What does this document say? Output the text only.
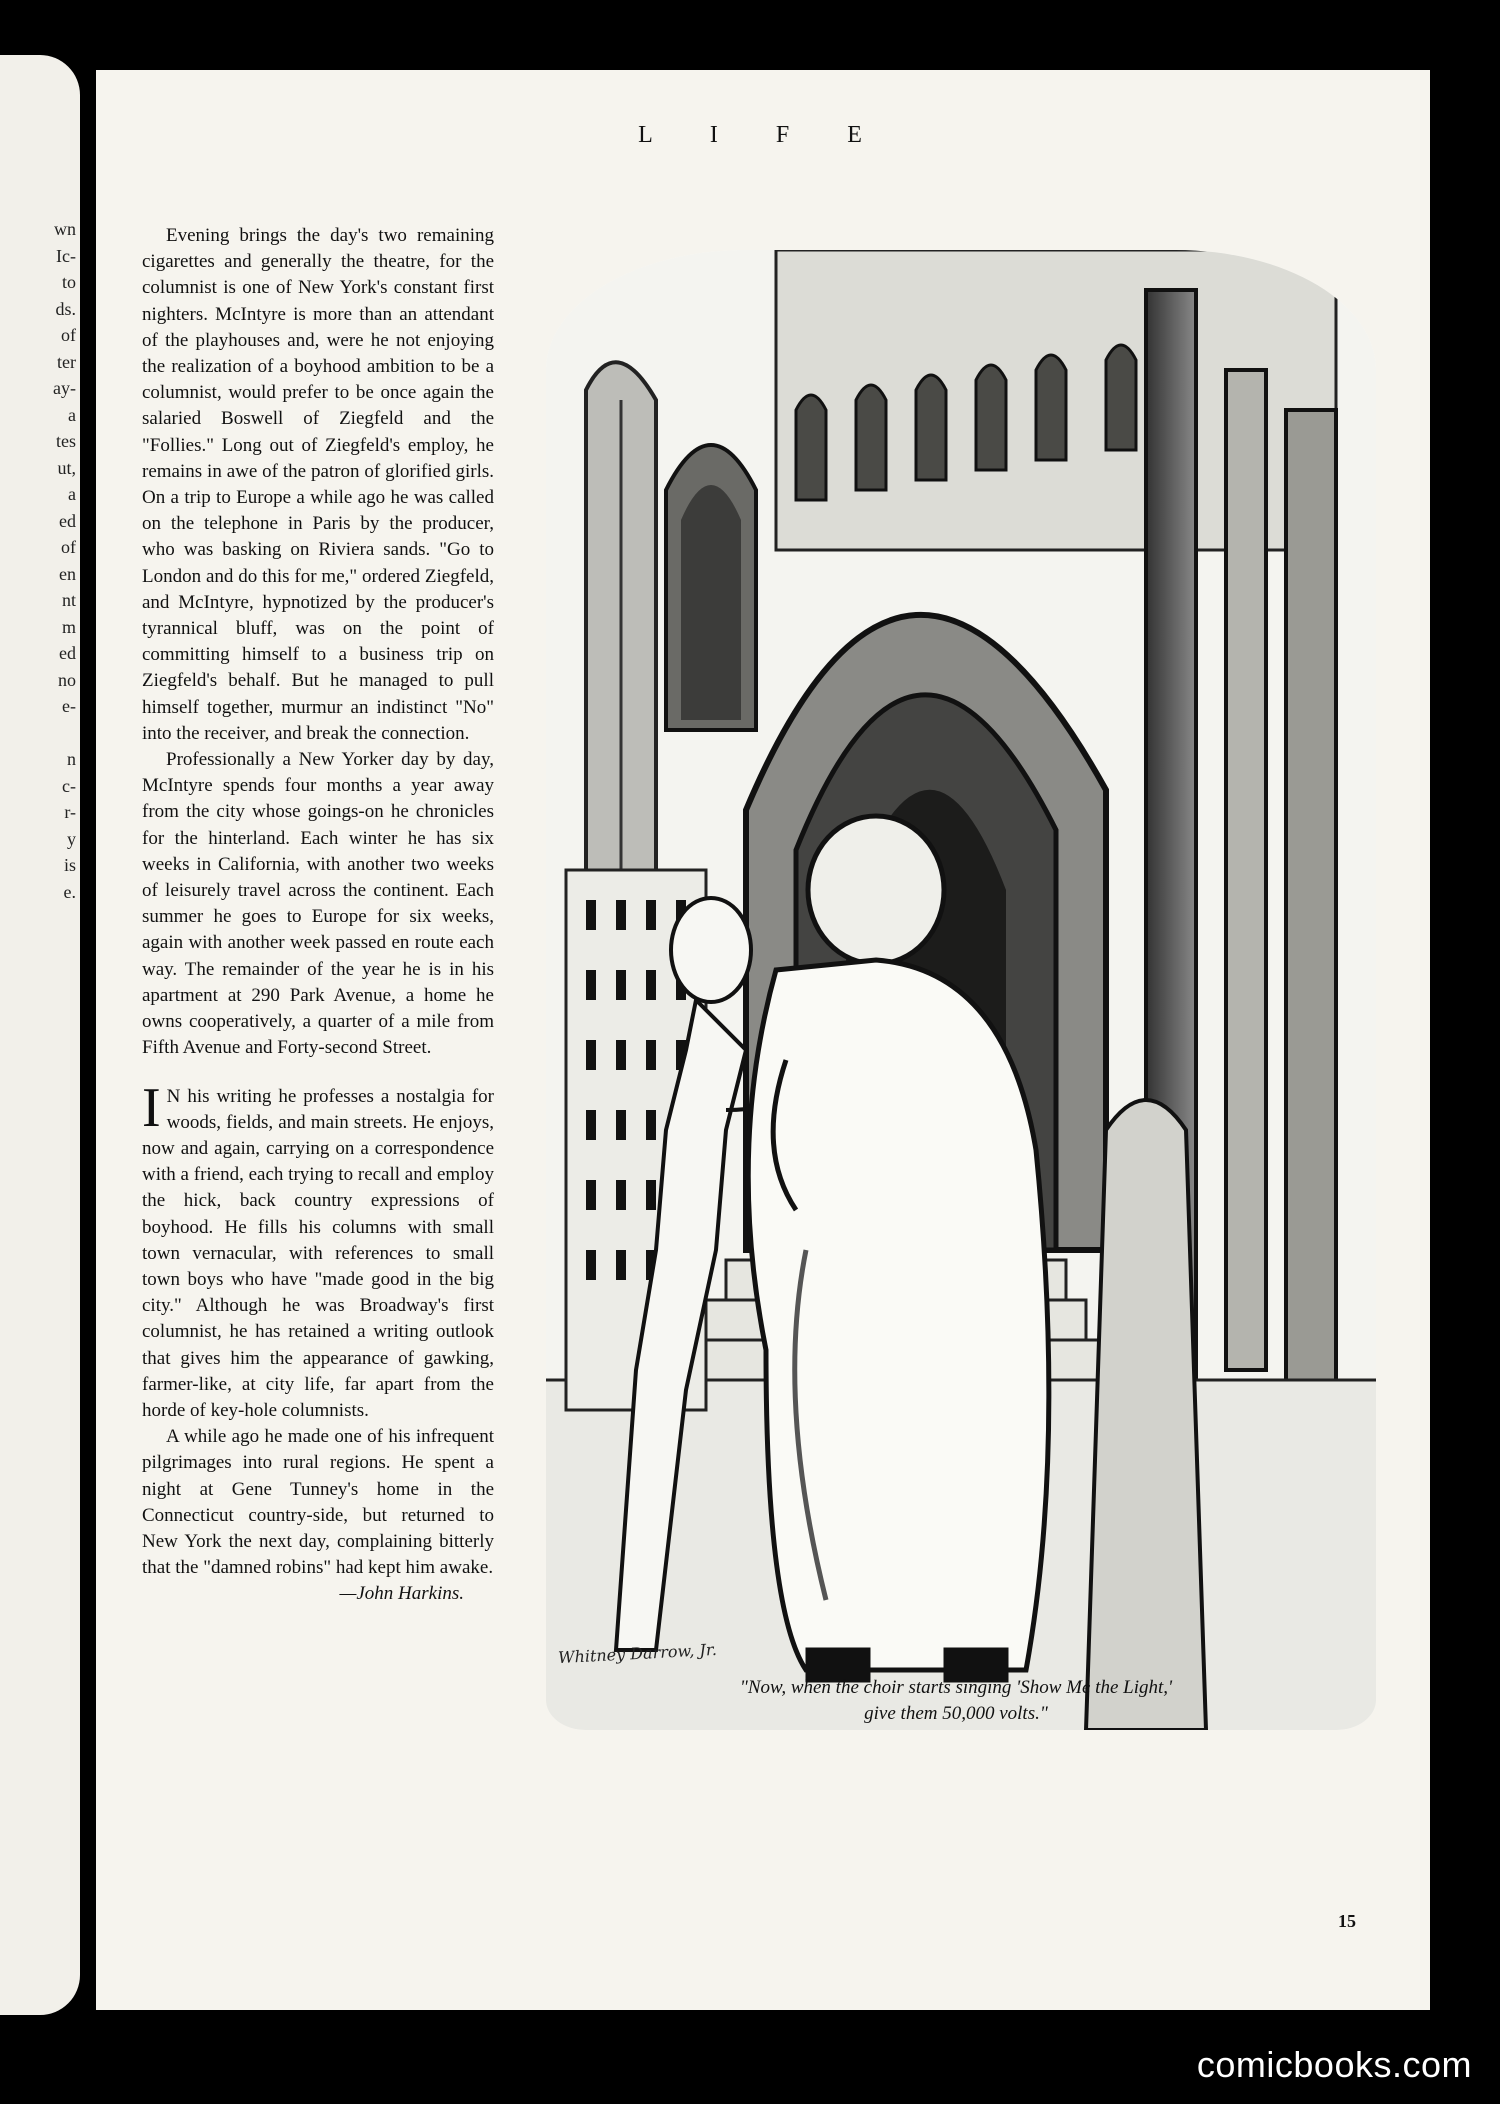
wn
Ic-
to
ds.
of
ter
ay-
a
tes
ut,
a
ed
of
en
nt
m
ed
no
e-
n
c-
r-
y
is
e.
L I F E

Evening brings the day's two remaining cigarettes and generally the theatre, for the columnist is one of New York's constant first nighters. McIntyre is more than an attendant of the playhouses and, were he not enjoying the realization of a boyhood ambition to be a columnist, would prefer to be once again the salaried Boswell of Ziegfeld and the "Follies." Long out of Ziegfeld's employ, he remains in awe of the patron of glorified girls. On a trip to Europe a while ago he was called on the telephone in Paris by the producer, who was basking on Riviera sands. "Go to London and do this for me," ordered Ziegfeld, and McIntyre, hypnotized by the producer's tyrannical bluff, was on the point of committing himself to a business trip on Ziegfeld's behalf. But he managed to pull himself together, murmur an indistinct "No" into the receiver, and break the connection.

Professionally a New Yorker day by day, McIntyre spends four months a year away from the city whose goings-on he chronicles for the hinterland. Each winter he has six weeks in California, with another two weeks of leisurely travel across the continent. Each summer he goes to Europe for six weeks, again with another week passed en route each way. The remainder of the year he is in his apartment at 290 Park Avenue, a home he owns cooperatively, a quarter of a mile from Fifth Avenue and Forty-second Street.

I N his writing he professes a nostalgia for woods, fields, and main streets. He enjoys, now and again, carrying on a correspondence with a friend, each trying to recall and employ the hick, back country expressions of boyhood. He fills his columns with small town vernacular, with references to small town boys who have "made good in the big city." Although he was Broadway's first columnist, he has retained a writing outlook that gives him the appearance of gawking, farmer-like, at city life, far apart from the horde of key-hole columnists.

A while ago he made one of his infrequent pilgrimages into rural regions. He spent a night at Gene Tunney's home in the Connecticut country-side, but returned to New York the next day, complaining bitterly that the "damned robins" had kept him awake.

—John Harkins.
Whitney Darrow, Jr.
"Now, when the choir starts singing 'Show Me the Light,'
give them 50,000 volts."
15
comicbooks.com
